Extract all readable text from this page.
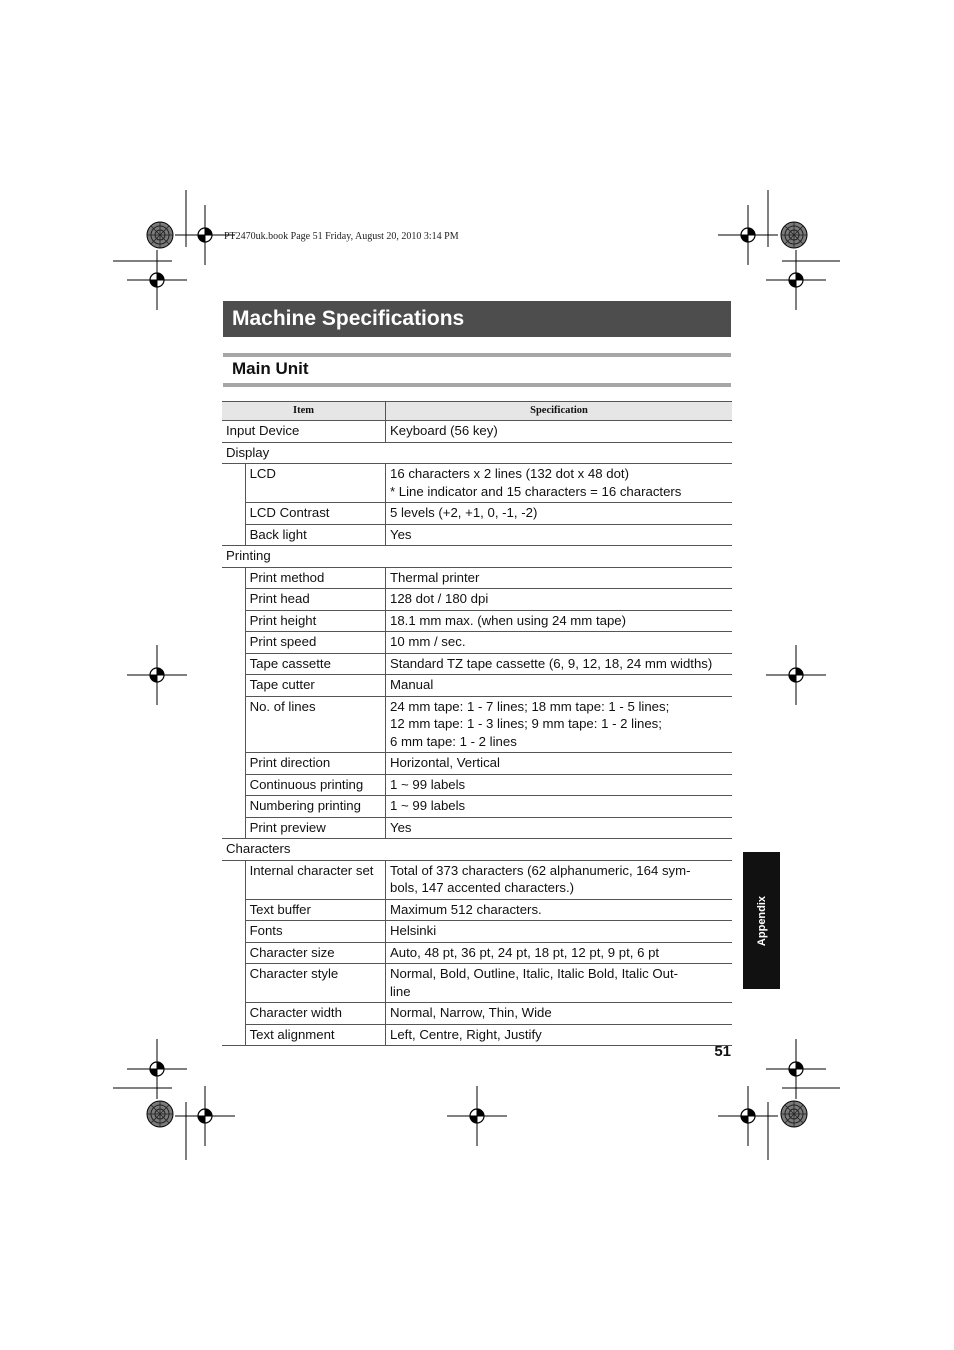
PT2470uk.book Page 51 Friday, August 20, 2010 3:14 PM
Machine Specifications
Main Unit
Item		Specification
Input Device		Keyboard (56 key)
Display		
	LCD	16 characters x 2 lines (132 dot x 48 dot)
* Line indicator and 15 characters = 16 characters

	LCD Contrast	5 levels (+2, +1, 0, -1, -2)

	Back light	Yes

Printing		
	Print method	Thermal printer

	Print head	128 dot / 180 dpi

	Print height	18.1 mm max. (when using 24 mm tape)

	Print speed	10 mm / sec.

	Tape cassette	Standard TZ tape cassette (6, 9, 12, 18, 24 mm widths)

	Tape cutter	Manual

	No. of lines	24 mm tape: 1 - 7 lines; 18 mm tape: 1 - 5 lines;
12 mm tape: 1 - 3 lines; 9 mm tape: 1 - 2 lines;
6 mm tape: 1 - 2 lines

	Print direction	Horizontal, Vertical

	Continuous printing	1 ~ 99 labels

	Numbering printing	1 ~ 99 labels

	Print preview	Yes

Characters		
	Internal character set	Total of 373 characters (62 alphanumeric, 164 sym-
bols, 147 accented characters.)

	Text buffer	Maximum 512 characters.

	Fonts	Helsinki

	Character size	Auto, 48 pt, 36 pt, 24 pt, 18 pt, 12 pt, 9 pt, 6 pt

	Character style	Normal, Bold, Outline, Italic, Italic Bold, Italic Out-
line

	Character width	Normal, Narrow, Thin, Wide

	Text alignment	Left, Centre, Right, Justify
51
Appendix
